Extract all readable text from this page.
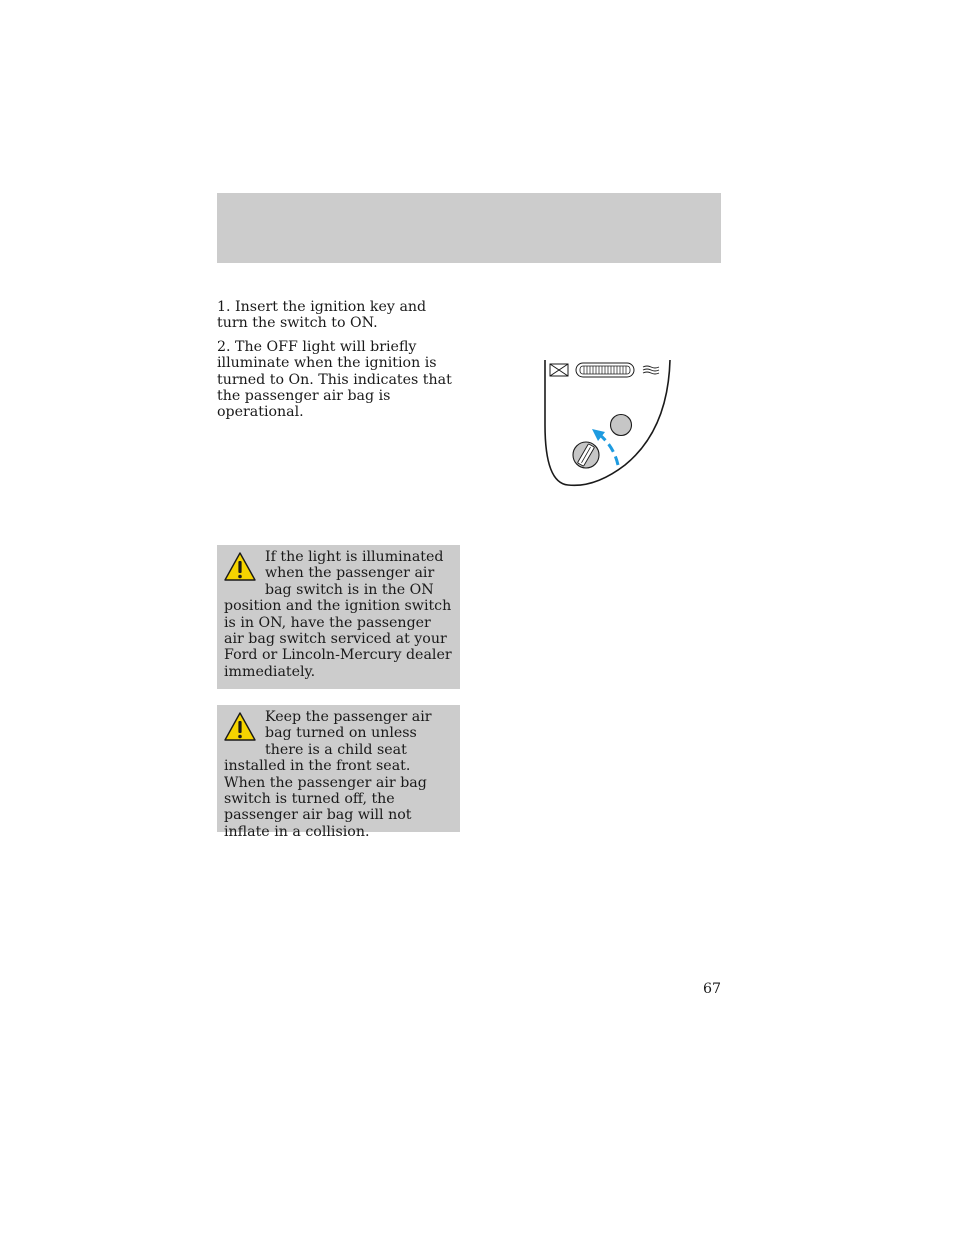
1. Insert the ignition key and turn the switch to ON.

2. The OFF light will briefly illuminate when the ignition is turned to On. This indicates that the passenger air bag is operational.

If the light is illuminated when the passenger air bag switch is in the ON position and the ignition switch is in ON, have the passenger air bag switch serviced at your Ford or Lincoln-Mercury dealer immediately.
Keep the passenger air bag turned on unless there is a child seat installed in the front seat. When the passenger air bag switch is turned off, the passenger air bag will not inflate in a collision.
67
